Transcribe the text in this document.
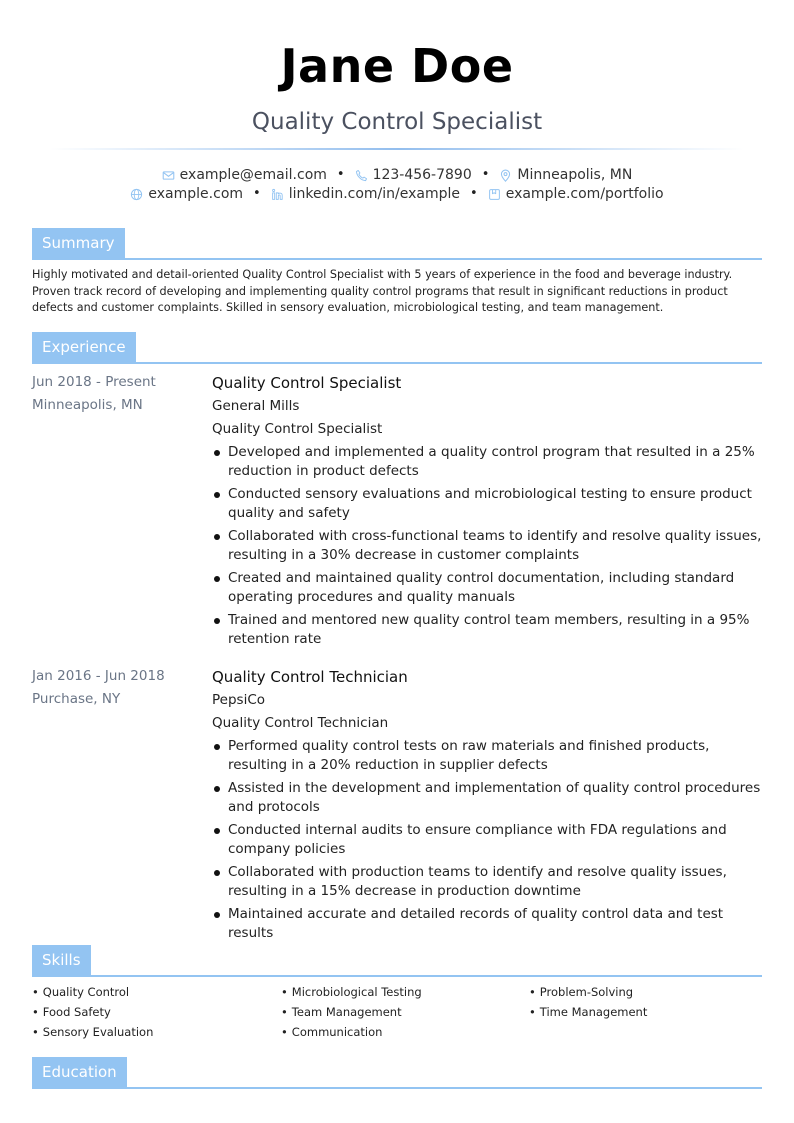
Jane Doe
Quality Control Specialist
example@email.com • 123-456-7890 • Minneapolis, MN
example.com • linkedin.com/in/example • example.com/portfolio
Summary

Highly motivated and detail-oriented Quality Control Specialist with 5 years of experience in the food and beverage industry. Proven track record of developing and implementing quality control programs that result in significant reductions in product defects and customer complaints. Skilled in sensory evaluation, microbiological testing, and team management.

Experience
Jun 2018 - Present
Minneapolis, MN
Quality Control Specialist
General Mills
Quality Control Specialist
Developed and implemented a quality control program that resulted in a 25% reduction in product defects
Conducted sensory evaluations and microbiological testing to ensure product quality and safety
Collaborated with cross-functional teams to identify and resolve quality issues, resulting in a 30% decrease in customer complaints
Created and maintained quality control documentation, including standard operating procedures and quality manuals
Trained and mentored new quality control team members, resulting in a 95% retention rate
Jan 2016 - Jun 2018
Purchase, NY
Quality Control Technician
PepsiCo
Quality Control Technician
Performed quality control tests on raw materials and finished products, resulting in a 20% reduction in supplier defects
Assisted in the development and implementation of quality control procedures and protocols
Conducted internal audits to ensure compliance with FDA regulations and company policies
Collaborated with production teams to identify and resolve quality issues, resulting in a 15% decrease in production downtime
Maintained accurate and detailed records of quality control data and test results
Skills
• Quality Control	• Microbiological Testing	• Problem-Solving
• Food Safety	• Team Management	• Time Management
• Sensory Evaluation	• Communication
Education
